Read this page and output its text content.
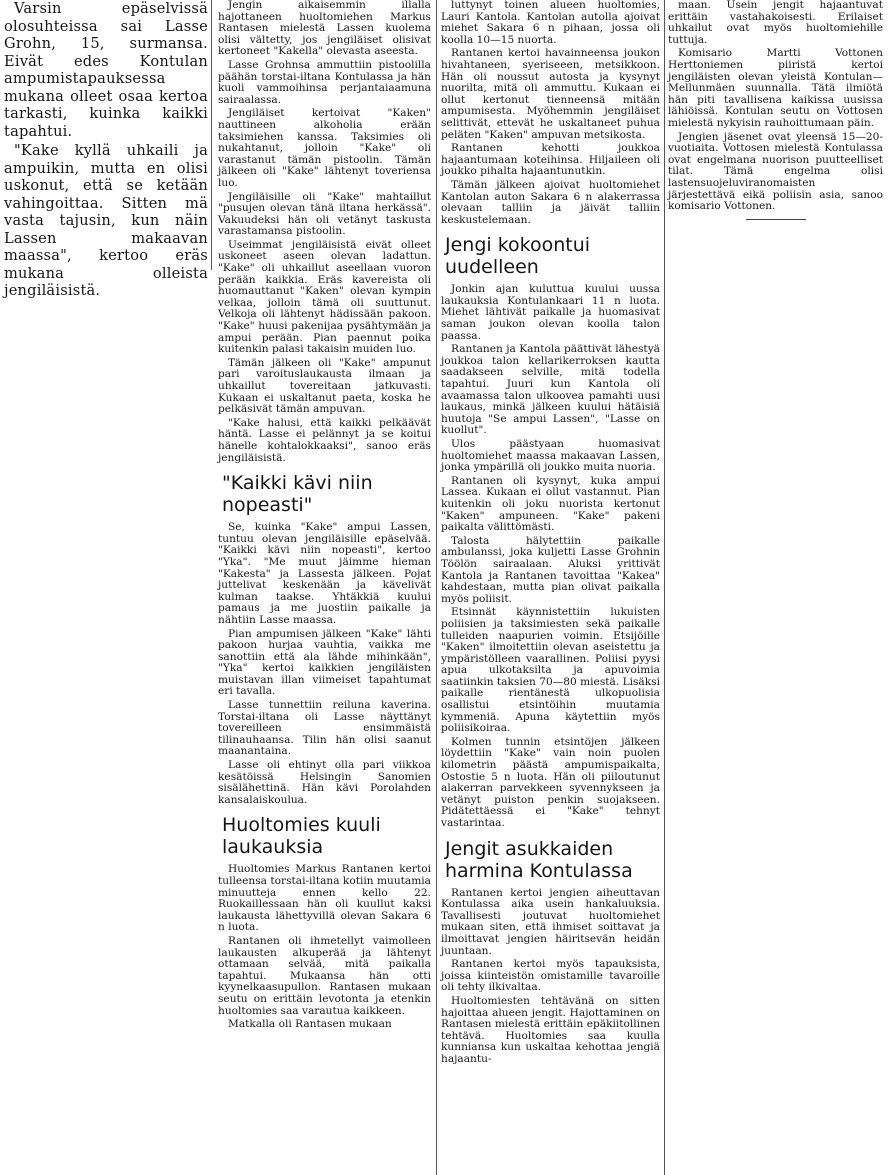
Varsin epäselvissä olosuhteissa sai Lasse Grohn, 15, surmansa. Eivät edes Kontulan ampumistapauksessa mukana olleet osaa kertoa tarkasti, kuinka kaikki tapahtui.

"Kake kyllä uhkaili ja ampuikin, mutta en olisi uskonut, että se ketään vahingoittaa. Sitten mä vasta tajusin, kun näin Lassen makaavan maassa", kertoo eräs mukana olleista jengiläisistä.

Jengin aikaisemmin illalla hajottaneen huoltomiehen Markus Rantasen mielestä Lassen kuolema olisi vältetty, jos jengiläiset olisivat kertoneet "Kakella" olevasta aseesta.

Lasse Grohnsa ammuttiin pistoolilla päähän torstai-iltana Kontulassa ja hän kuoli vammoihinsa perjantaiaamuna sairaalassa.

Jengiläiset kertoivat "Kaken" nauttineen alkoholia erään taksimiehen kanssa. Taksimies oli nukahtanut, jolloin "Kake" oli varastanut tämän pistoolin. Tämän jälkeen oli "Kake" lähtenyt toveriensa luo.

Jengiläisille oli "Kake" mahtaillut "pusujen olevan tänä iltana herkässä". Vakuudeksi hän oli vetänyt taskusta varastamansa pistoolin.

Useimmat jengiläisistä eivät olleet uskoneet aseen olevan ladattun. "Kake" oli uhkaillut aseellaan vuoron perään kaikkia. Eräs kavereista oli huomauttanut "Kaken" olevan kympin velkaa, jolloin tämä oli suuttunut. Velkoja oli lähtenyt hädissään pakoon. "Kake" huusi pakenijaa pysähtymään ja ampui perään. Pian paennut poika kuitenkin palasi takaisin muiden luo.

Tämän jälkeen oli "Kake" ampunut pari varoituslaukausta ilmaan ja uhkaillut tovereitaan jatkuvasti. Kukaan ei uskaltanut paeta, koska he pelkäsivät tämän ampuvan.

"Kake halusi, että kaikki pelkäävät häntä. Lasse ei pelännyt ja se koitui hänelle kohtalokkaaksi", sanoo eräs jengiläisistä.

"Kaikki kävi niin nopeasti"

Se, kuinka "Kake" ampui Lassen, tuntuu olevan jengiläisille epäselvää. "Kaikki kävi niin nopeasti", kertoo "Yka". "Me muut jäimme hieman "Kakesta" ja Lassesta jälkeen. Pojat juttelivat keskenään ja kävelivät kulman taakse. Yhtäkkiä kuului pamaus ja me juostiin paikalle ja nähtiin Lasse maassa.

Pian ampumisen jälkeen "Kake" lähti pakoon hurjaa vauhtia, vaikka me sanottiin että ala lähde mihinkään", "Yka" kertoi kaikkien jengiläisten muistavan illan viimeiset tapahtumat eri tavalla.

Lasse tunnettiin reiluna kaverina. Torstai-iltana oli Lasse näyttänyt tovereilleen ensimmäistä tilinauhaansa. Tilin hän olisi saanut maanantaina.

Lasse oli ehtinyt olla pari viikkoa kesätöissä Helsingin Sanomien sisälähettinä. Hän kävi Porolahden kansalaiskoulua.

Huoltomies kuuli laukauksia

Huoltomies Markus Rantanen kertoi tulleensa torstai-iltana kotiin muutamia minuutteja ennen kello 22. Ruokaillessaan hän oli kuullut kaksi laukausta lähettyvillä olevan Sakara 6 n luota.

Rantanen oli ihmetellyt vaimolleen laukausten alkuperää ja lähtenyt ottamaan selvää, mitä paikalla tapahtui. Mukaansa hän otti kyynelkaasupullon. Rantasen mukaan seutu on erittäin levotonta ja etenkin huoltomies saa varautua kaikkeen.

Matkalla oli Rantasen mukaan

luttynyt toinen alueen huoltomies, Lauri Kantola. Kantolan autolla ajoivat miehet Sakara 6 n pihaan, jossa oli koolla 10—15 nuorta.

Rantanen kertoi havainneensa joukon hivahtaneen, syeriseeen, metsikkoon. Hän oli noussut autosta ja kysynyt nuorilta, mitä oli ammuttu. Kukaan ei ollut kertonut tienneensä mitään ampumisesta. Myöhemmin jengiläiset selittivät, ettevät he uskaltaneet puhua peläten "Kaken" ampuvan metsikosta.

Rantanen kehotti joukkoa hajaantumaan koteihinsa. Hiljaileen oli joukko pihalta hajaantunutkin.

Tämän jälkeen ajoivat huoltomiehet Kantolan auton Sakara 6 n alakerrassa olevaan talliin ja jäivät talliin keskustelemaan.

Jengi kokoontui uudelleen

Jonkin ajan kuluttua kuului uussa laukauksia Kontulankaari 11 n luota. Miehet lähtivät paikalle ja huomasivat saman joukon olevan koolla talon paassa.

Rantanen ja Kantola päättivät lähestyä joukkoa talon kellarikerroksen kautta saadakseen selville, mitä todella tapahtui. Juuri kun Kantola oli avaamassa talon ulkoovea pamahti uusi laukaus, minkä jälkeen kuului hätäisiä huutoja "Se ampui Lassen", "Lasse on kuollut".

Ulos päästyaan huomasivat huoltomiehet maassa makaavan Lassen, jonka ympärillä oli joukko muita nuoria.

Rantanen oli kysynyt, kuka ampui Lassea. Kukaan ei ollut vastannut. Pian kuitenkin oli joku nuorista kertonut "Kaken" ampuneen. "Kake" pakeni paikalta välittömästi.

Talosta hälytettiin paikalle ambulanssi, joka kuljetti Lasse Grohnin Töölön sairaalaan. Aluksi yrittivät Kantola ja Rantanen tavoittaa "Kakea" kahdestaan, mutta pian olivat paikalla myös poliisit.

Etsinnät käynnistettiin lukuisten poliisien ja taksimiesten sekä paikalle tulleiden naapurien voimin. Etsijöille "Kaken" ilmoitettiin olevan aseistettu ja ympäristölleen vaarallinen. Poliisi pyysi apua ulkotaksilta ja apuvoimia saatiinkin taksien 70—80 miestä. Lisäksi paikalle rientänestä ulkopuolisia osallistui etsintöihin muutamia kymmeniä. Apuna käytettiin myös poliisikoiraa.

Kolmen tunnin etsintöjen jälkeen löydettiin "Kake" vain noin puolen kilometrin päästä ampumispaikalta, Ostostie 5 n luota. Hän oli piiloutunut alakerran parvekkeen syvennykseen ja vetänyt puiston penkin suojakseen. Pidätettäessä ei "Kake" tehnyt vastarintaa.

Jengit asukkaiden harmina Kontulassa

Rantanen kertoi jengien aiheuttavan Kontulassa aika usein hankaluuksia. Tavallisesti joutuvat huoltomiehet mukaan siten, että ihmiset soittavat ja ilmoittavat jengien häiritsevän heidän juuntaan.

Rantanen kertoi myös tapauksista, joissa kiinteistön omistamille tavaroille oli tehty ilkivaltaa.

Huoltomiesten tehtävänä on sitten hajoittaa alueen jengit. Hajottaminen on Rantasen mielestä erittäin epäkiitollinen tehtävä. Huoltomies saa kuulla kunniansa kun uskaltaa kehottaa jengiä hajaantu-

maan. Usein jengit hajaantuvat erittäin vastahakoisesti. Erilaiset uhkailut ovat myös huoltomiehille tuttuja.

Komisario Martti Vottonen Herttoniemen piiristä kertoi jengiläisten olevan yleistä Kontulan—Mellunmäen suunnalla. Tätä ilmiötä hän piti tavallisena kaikissa uusissa lähiöissä. Kontulan seutu on Vottosen mielestä nykyisin rauhoittumaan päin.

Jengien jäsenet ovat yleensä 15—20-vuotiaita. Vottosen mielestä Kontulassa ovat engelmana nuorison puutteelliset tilat. Tämä engelma olisi lastensuojeluviranomaisten järjestettävä eikä poliisin asia, sanoo komisario Vottonen.
